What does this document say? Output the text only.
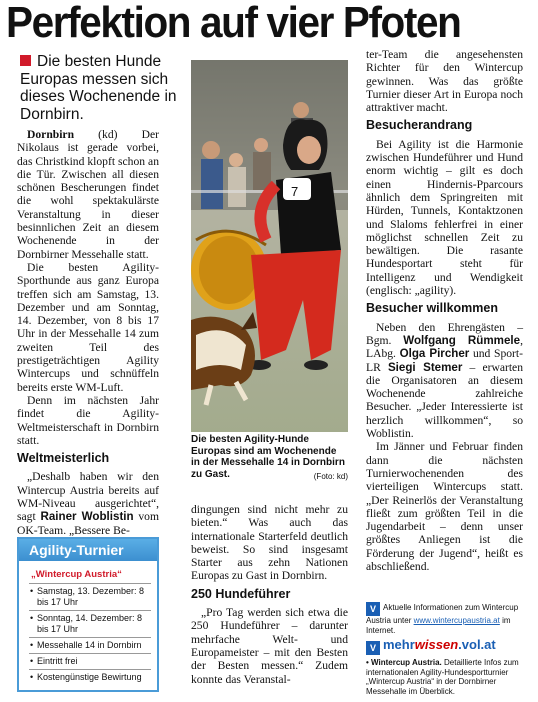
Perfektion auf vier Pfoten
Die besten Hunde Europas messen sich dieses Wochenende in Dornbirn.

Dornbirn (kd) Der Nikolaus ist gerade vorbei, das Christkind klopft schon an die Tür. Zwischen all diesen schönen Bescherungen findet die wohl spektakulärste Veranstaltung in dieser besinnlichen Zeit an diesem Wochenende in der Dornbirner Messehalle statt.

Die besten Agility-Sporthunde aus ganz Europa treffen sich am Samstag, 13. Dezember und am Sonntag, 14. Dezember, von 8 bis 17 Uhr in der Messehalle 14 zum zweiten Teil des prestigeträchtigen Agility Wintercups und schnüffeln bereits erste WM-Luft.

Denn im nächsten Jahr findet die Agility-Weltmeisterschaft in Dornbirn statt.

Weltmeisterlich

„Deshalb haben wir den Wintercup Austria bereits auf WM-Niveau ausgerichtet“, sagt Rainer Woblistin vom OK-Team. „Bessere Be-

7
Die besten Agility-Hunde Europas sind am Wochenende in der Messehalle 14 in Dornbirn zu Gast.	(Foto: kd)

dingungen sind nicht mehr zu bieten.“ Was auch das internationale Starterfeld deutlich beweist. So sind insgesamt Starter aus zehn Nationen Europas zu Gast in Dornbirn.

250 Hundeführer

„Pro Tag werden sich etwa die 250 Hundeführer – darunter mehrfache Welt- und Europameister – mit den Besten der Besten messen.“ Zudem konnte das Veranstal-

ter-Team die angesehensten Richter für den Wintercup gewinnen. Was das größte Turnier dieser Art in Europa noch attraktiver macht.

Besucherandrang

Bei Agility ist die Harmonie zwischen Hundeführer und Hund enorm wichtig – gilt es doch einen Hindernis-Pparcours ähnlich dem Springreiten mit Hürden, Tunnels, Kontaktzonen und Slaloms fehlerfrei in einer möglichst schnellen Zeit zu bewältigen. Die rasante Hundesportart steht für Intelligenz und Wendigkeit (englisch: „agility).

Besucher willkommen

Neben den Ehrengästen – Bgm. Wolfgang Rümmele, LAbg. Olga Pircher und Sport-LR Siegi Stemer – erwarten die Organisatoren an diesem Wochenende zahlreiche Besucher. „Jeder Interessierte ist herzlich willkommen“, so Woblistin.

Im Jänner und Februar finden dann die nächsten Turnierwochenenden des vierteiligen Wintercups statt. „Der Reinerlös der Veranstaltung fließt zum größten Teil in die Jugendarbeit – denn unser größtes Anliegen ist die Förderung der Jugend“, heißt es abschließend.

Agility-Turnier
„Wintercup Austria“
• Samstag, 13. Dezember: 8 bis 17 Uhr
• Sonntag, 14. Dezember: 8 bis 17 Uhr
• Messehalle 14 in Dornbirn
• Eintritt frei
• Kostengünstige Bewirtung
V Aktuelle Informationen zum Wintercup Austria unter www.wintercupaustria.at im Internet.
V mehrwissen.vol.at
• Wintercup Austria. Detaillierte Infos zum internationalen Agility-Hundesportturnier „Wintercup Austria“ in der Dornbirner Messehalle im Überblick.
